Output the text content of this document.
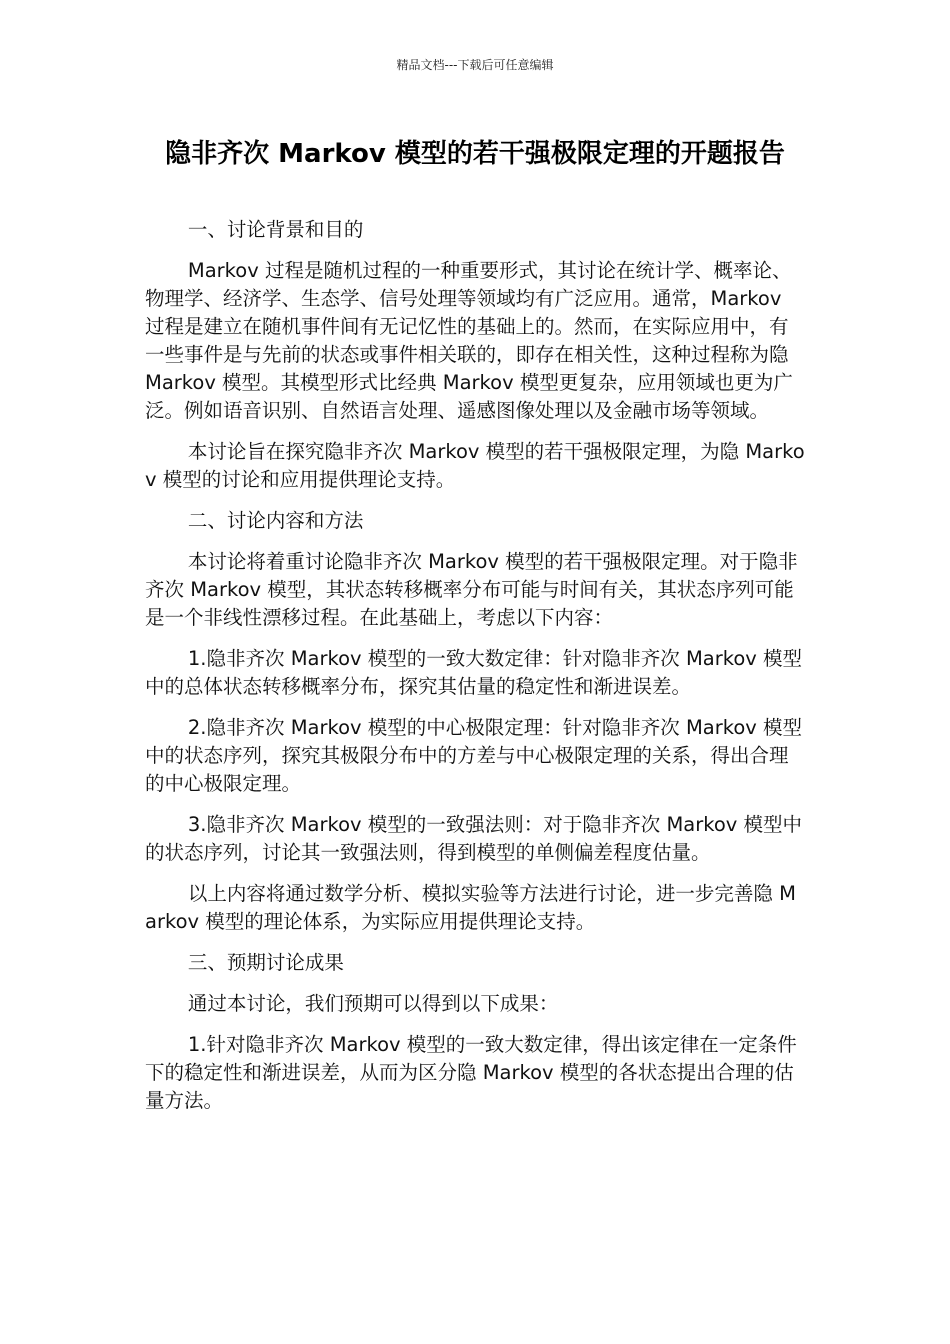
精品文档---下载后可任意编辑
隐非齐次 Markov 模型的若干强极限定理的开题报告

一、讨论背景和目的

Markov 过程是随机过程的一种重要形式，其讨论在统计学、概率论、物理学、经济学、生态学、信号处理等领域均有广泛应用。通常，Markov 过程是建立在随机事件间有无记忆性的基础上的。然而，在实际应用中，有一些事件是与先前的状态或事件相关联的，即存在相关性，这种过程称为隐 Markov 模型。其模型形式比经典 Markov 模型更复杂，应用领域也更为广泛。例如语音识别、自然语言处理、遥感图像处理以及金融市场等领域。

本讨论旨在探究隐非齐次 Markov 模型的若干强极限定理，为隐 Markov 模型的讨论和应用提供理论支持。

二、讨论内容和方法

本讨论将着重讨论隐非齐次 Markov 模型的若干强极限定理。对于隐非齐次 Markov 模型，其状态转移概率分布可能与时间有关，其状态序列可能是一个非线性漂移过程。在此基础上，考虑以下内容：

1.隐非齐次 Markov 模型的一致大数定律：针对隐非齐次 Markov 模型中的总体状态转移概率分布，探究其估量的稳定性和渐进误差。

2.隐非齐次 Markov 模型的中心极限定理：针对隐非齐次 Markov 模型中的状态序列，探究其极限分布中的方差与中心极限定理的关系，得出合理的中心极限定理。

3.隐非齐次 Markov 模型的一致强法则：对于隐非齐次 Markov 模型中的状态序列，讨论其一致强法则，得到模型的单侧偏差程度估量。

以上内容将通过数学分析、模拟实验等方法进行讨论，进一步完善隐 Markov 模型的理论体系，为实际应用提供理论支持。

三、预期讨论成果

通过本讨论，我们预期可以得到以下成果：

1.针对隐非齐次 Markov 模型的一致大数定律，得出该定律在一定条件下的稳定性和渐进误差，从而为区分隐 Markov 模型的各状态提出合理的估量方法。
